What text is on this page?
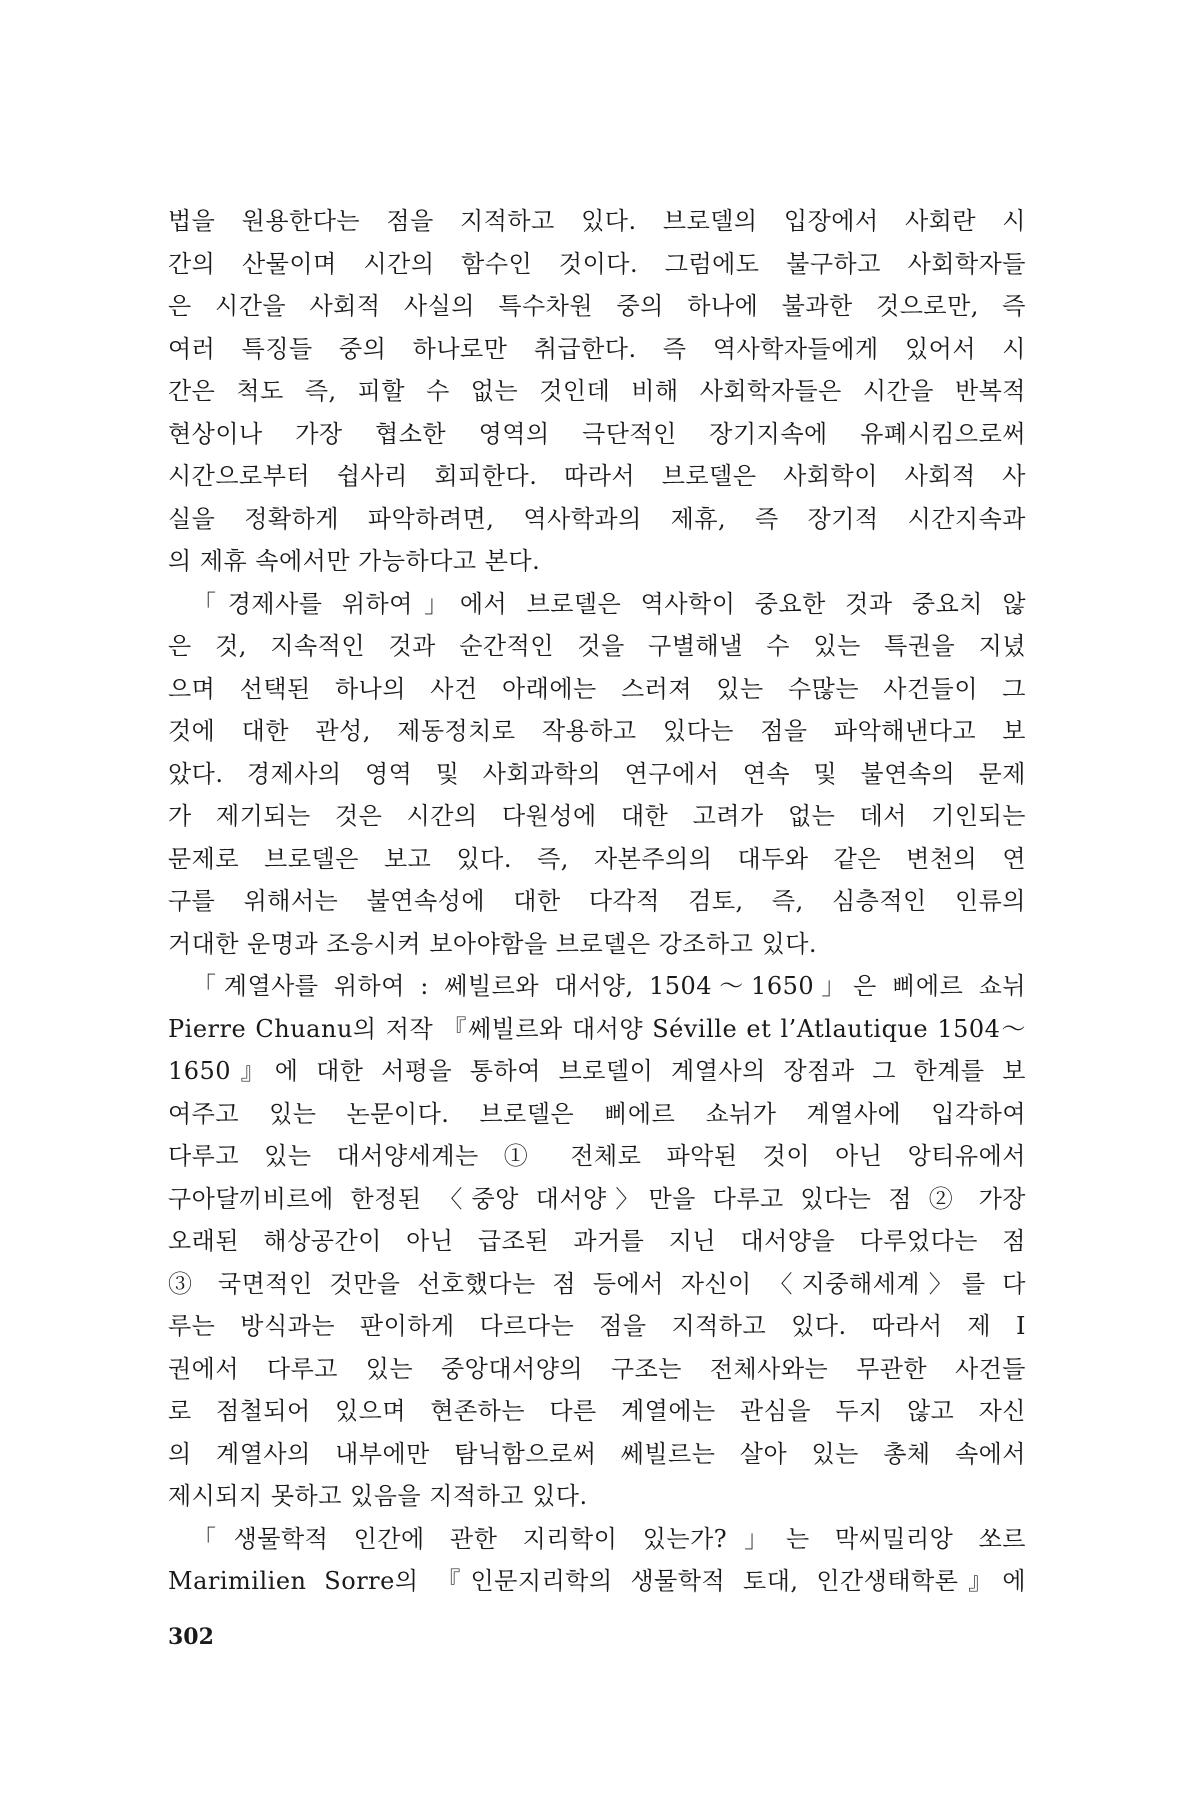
법을 원용한다는 점을 지적하고 있다. 브로델의 입장에서 사회란 시
간의 산물이며 시간의 함수인 것이다. 그럼에도 불구하고 사회학자들
은 시간을 사회적 사실의 특수차원 중의 하나에 불과한 것으로만, 즉
여러 특징들 중의 하나로만 취급한다. 즉 역사학자들에게 있어서 시
간은 척도 즉, 피할 수 없는 것인데 비해 사회학자들은 시간을 반복적
현상이나 가장 협소한 영역의 극단적인 장기지속에 유폐시킴으로써
시간으로부터 쉽사리 회피한다. 따라서 브로델은 사회학이 사회적 사
실을 정확하게 파악하려면, 역사학과의 제휴, 즉 장기적 시간지속과
의 제휴 속에서만 가능하다고 본다.
「경제사를 위하여」에서 브로델은 역사학이 중요한 것과 중요치 않
은 것, 지속적인 것과 순간적인 것을 구별해낼 수 있는 특권을 지녔
으며 선택된 하나의 사건 아래에는 스러져 있는 수많는 사건들이 그
것에 대한 관성, 제동정치로 작용하고 있다는 점을 파악해낸다고 보
았다. 경제사의 영역 및 사회과학의 연구에서 연속 및 불연속의 문제
가 제기되는 것은 시간의 다원성에 대한 고려가 없는 데서 기인되는
문제로 브로델은 보고 있다. 즉, 자본주의의 대두와 같은 변천의 연
구를 위해서는 불연속성에 대한 다각적 검토, 즉, 심층적인 인류의
거대한 운명과 조응시켜 보아야함을 브로델은 강조하고 있다.
「계열사를 위하여 : 쎄빌르와 대서양, 1504～1650」은 삐에르 쇼뉘
Pierre Chuanu의 저작 『쎄빌르와 대서양 Séville et l’Atlautique 1504～
1650』에 대한 서평을 통하여 브로델이 계열사의 장점과 그 한계를 보
여주고 있는 논문이다. 브로델은 삐에르 쇼뉘가 계열사에 입각하여
다루고 있는 대서양세계는 ① 전체로 파악된 것이 아닌 앙티유에서
구아달끼비르에 한정된 〈중앙 대서양〉만을 다루고 있다는 점 ② 가장
오래된 해상공간이 아닌 급조된 과거를 지닌 대서양을 다루었다는 점
③ 국면적인 것만을 선호했다는 점 등에서 자신이 〈지중해세계〉를 다
루는 방식과는 판이하게 다르다는 점을 지적하고 있다. 따라서 제 I
권에서 다루고 있는 중앙대서양의 구조는 전체사와는 무관한 사건들
로 점철되어 있으며 현존하는 다른 계열에는 관심을 두지 않고 자신
의 계열사의 내부에만 탐닉함으로써 쎄빌르는 살아 있는 총체 속에서
제시되지 못하고 있음을 지적하고 있다.
「생물학적 인간에 관한 지리학이 있는가?」는 막씨밀리앙 쏘르
Marimilien Sorre의 『인문지리학의 생물학적 토대, 인간생태학론』에
302
